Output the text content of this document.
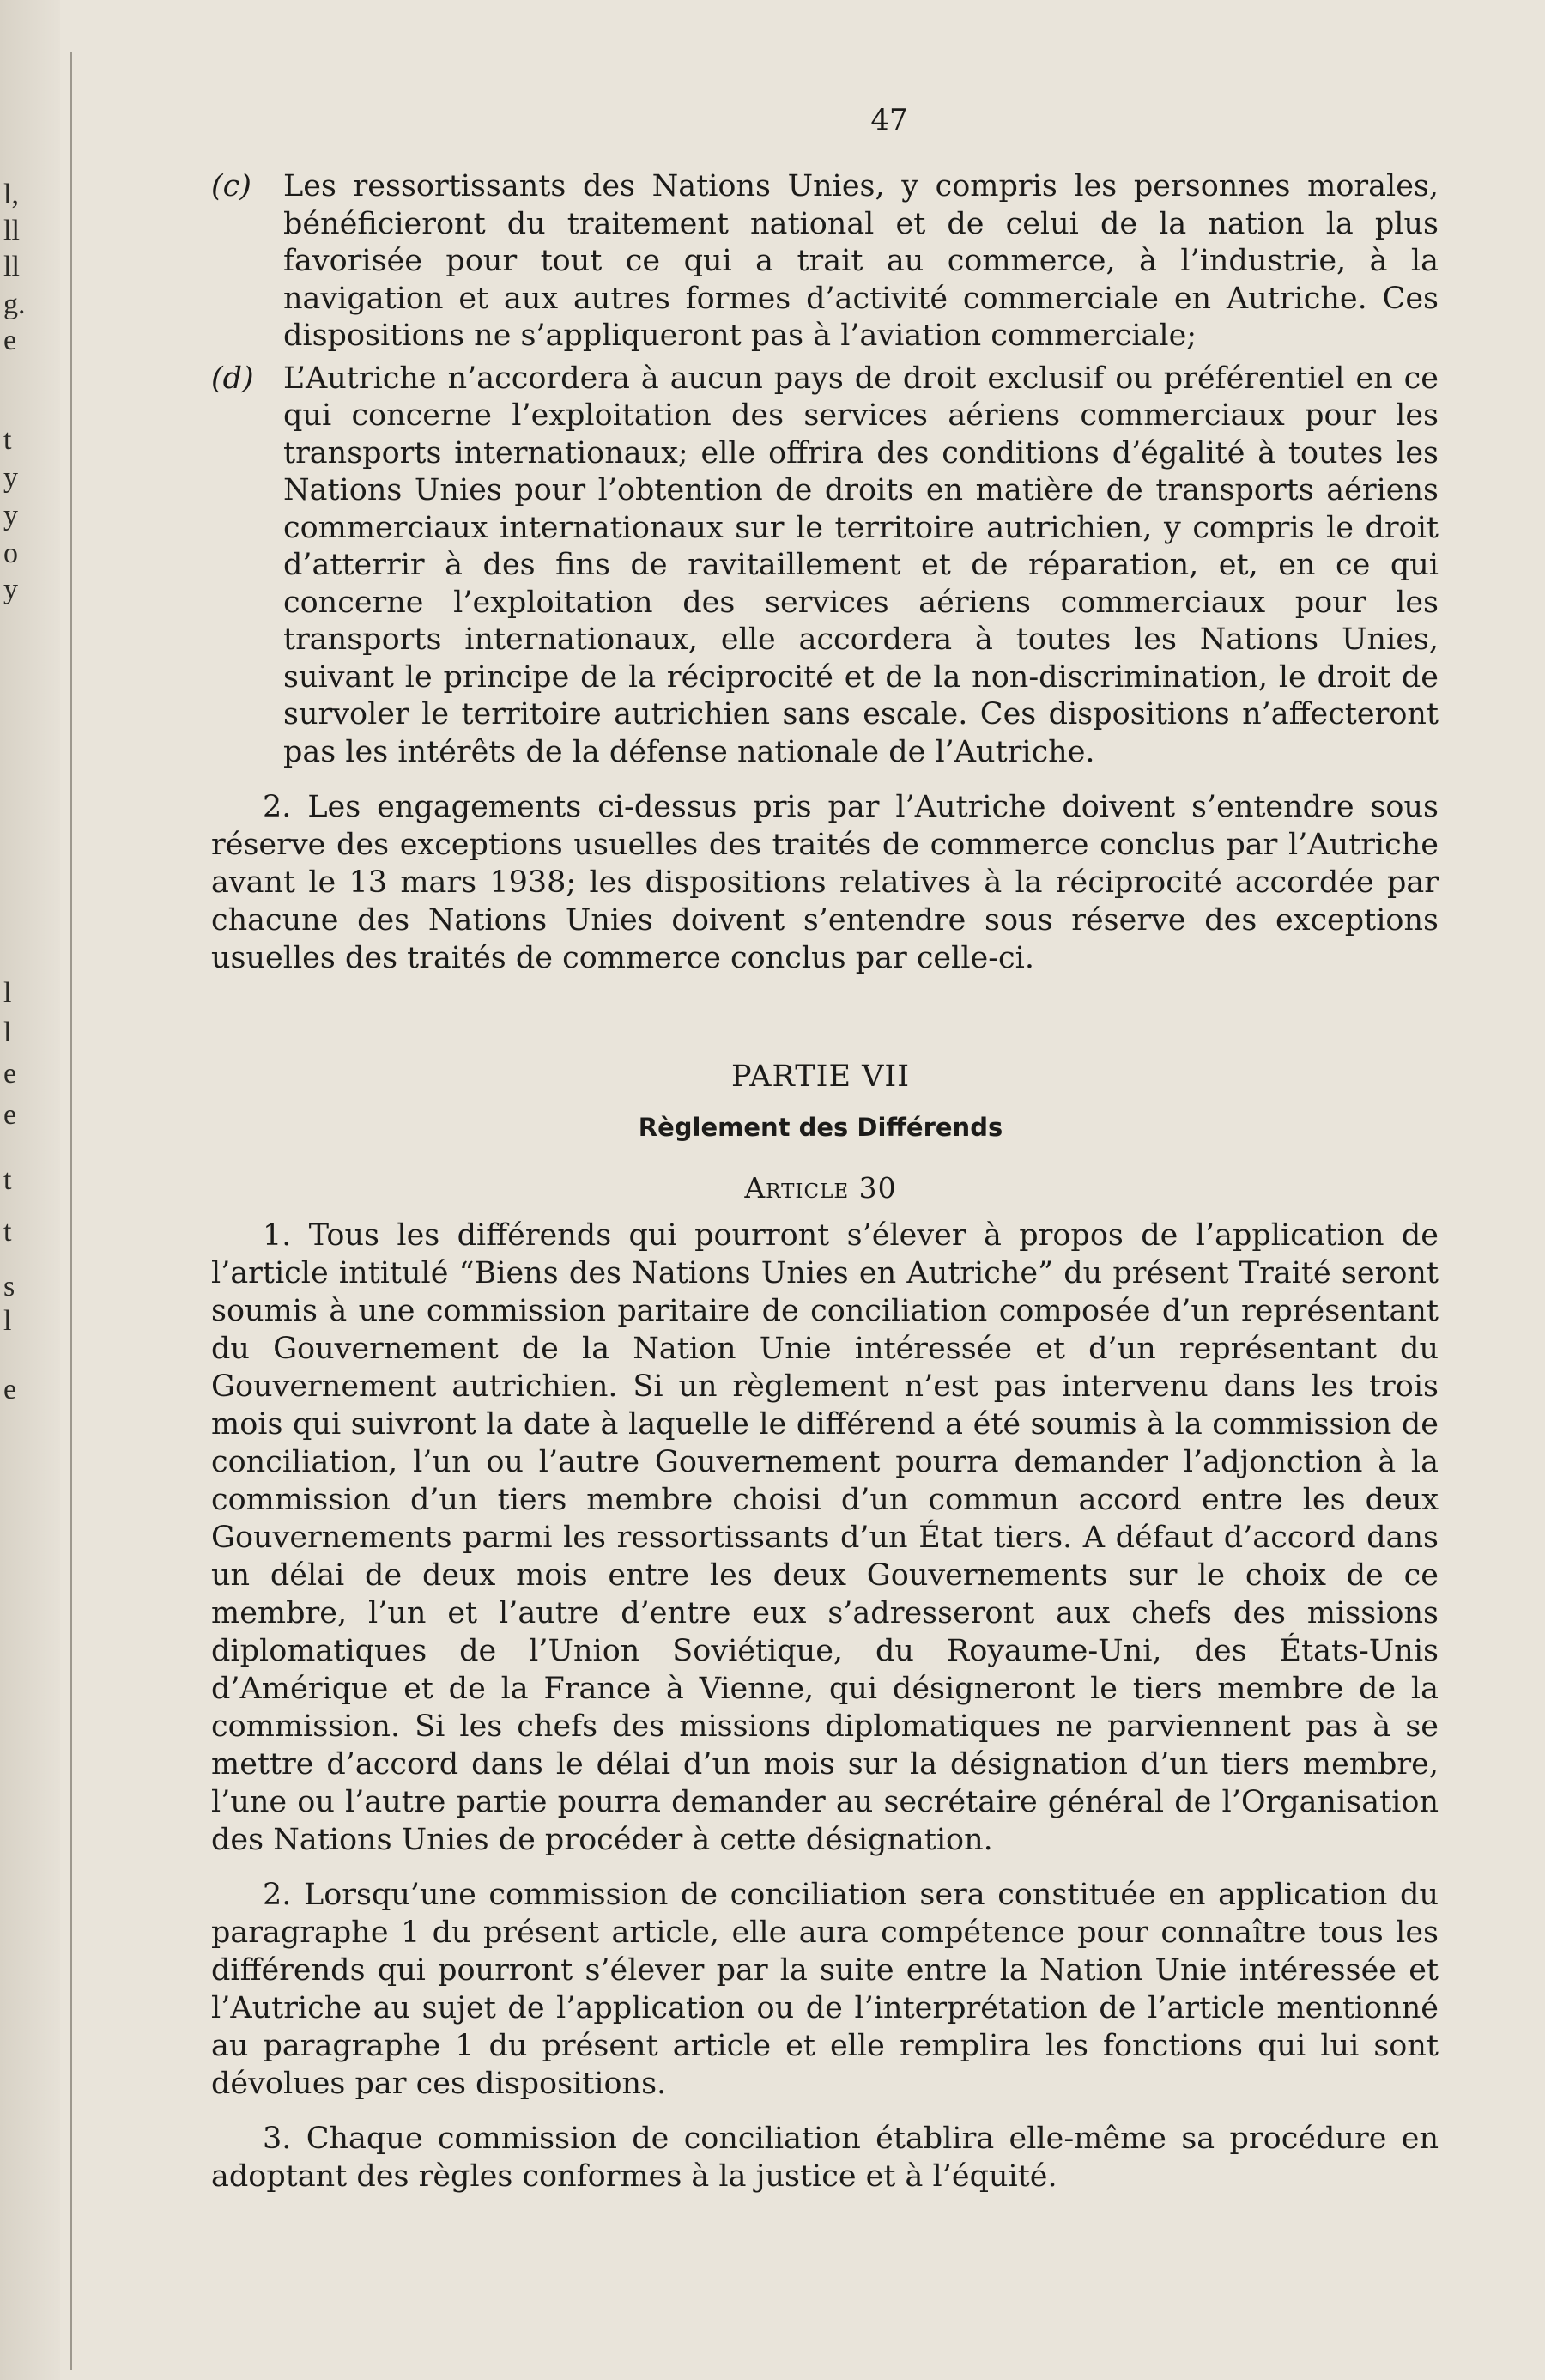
l,
ll
ll
g.
e
t
y
y
o
y
l
l
e
e
t
t
s
l
e
47
(c) Les ressortissants des Nations Unies, y compris les personnes morales, bénéficieront du traitement national et de celui de la nation la plus favorisée pour tout ce qui a trait au commerce, à l’industrie, à la navigation et aux autres formes d’activité commerciale en Autriche. Ces dispositions ne s’appliqueront pas à l’aviation commerciale;
(d) L’Autriche n’accordera à aucun pays de droit exclusif ou préférentiel en ce qui concerne l’exploitation des services aériens commerciaux pour les transports internationaux; elle offrira des conditions d’égalité à toutes les Nations Unies pour l’obtention de droits en matière de transports aériens commerciaux internationaux sur le territoire autrichien, y compris le droit d’atterrir à des fins de ravitaillement et de réparation, et, en ce qui concerne l’exploitation des services aériens commerciaux pour les transports internationaux, elle accordera à toutes les Nations Unies, suivant le principe de la réciprocité et de la non-discrimination, le droit de survoler le territoire autrichien sans escale. Ces dispositions n’affecteront pas les intérêts de la défense nationale de l’Autriche.

2. Les engagements ci-dessus pris par l’Autriche doivent s’entendre sous réserve des exceptions usuelles des traités de commerce conclus par l’Autriche avant le 13 mars 1938; les dispositions relatives à la réciprocité accordée par chacune des Nations Unies doivent s’entendre sous réserve des exceptions usuelles des traités de commerce conclus par celle-ci.

PARTIE VII
Règlement des Différends
Article 30

1. Tous les différends qui pourront s’élever à propos de l’application de l’article intitulé “Biens des Nations Unies en Autriche” du présent Traité seront soumis à une commission paritaire de conciliation composée d’un représentant du Gouvernement de la Nation Unie intéressée et d’un représentant du Gouvernement autrichien. Si un règlement n’est pas intervenu dans les trois mois qui suivront la date à laquelle le différend a été soumis à la commission de conciliation, l’un ou l’autre Gouvernement pourra demander l’adjonction à la commission d’un tiers membre choisi d’un commun accord entre les deux Gouvernements parmi les ressortissants d’un État tiers. A défaut d’accord dans un délai de deux mois entre les deux Gouvernements sur le choix de ce membre, l’un et l’autre d’entre eux s’adresseront aux chefs des missions diplomatiques de l’Union Soviétique, du Royaume-Uni, des États-Unis d’Amérique et de la France à Vienne, qui désigneront le tiers membre de la commission. Si les chefs des missions diplomatiques ne parviennent pas à se mettre d’accord dans le délai d’un mois sur la désignation d’un tiers membre, l’une ou l’autre partie pourra demander au secrétaire général de l’Organisation des Nations Unies de procéder à cette désignation.

2. Lorsqu’une commission de conciliation sera constituée en application du paragraphe 1 du présent article, elle aura compétence pour connaître tous les différends qui pourront s’élever par la suite entre la Nation Unie intéressée et l’Autriche au sujet de l’application ou de l’interprétation de l’article mentionné au paragraphe 1 du présent article et elle remplira les fonctions qui lui sont dévolues par ces dispositions.

3. Chaque commission de conciliation établira elle-même sa procédure en adoptant des règles conformes à la justice et à l’équité.
